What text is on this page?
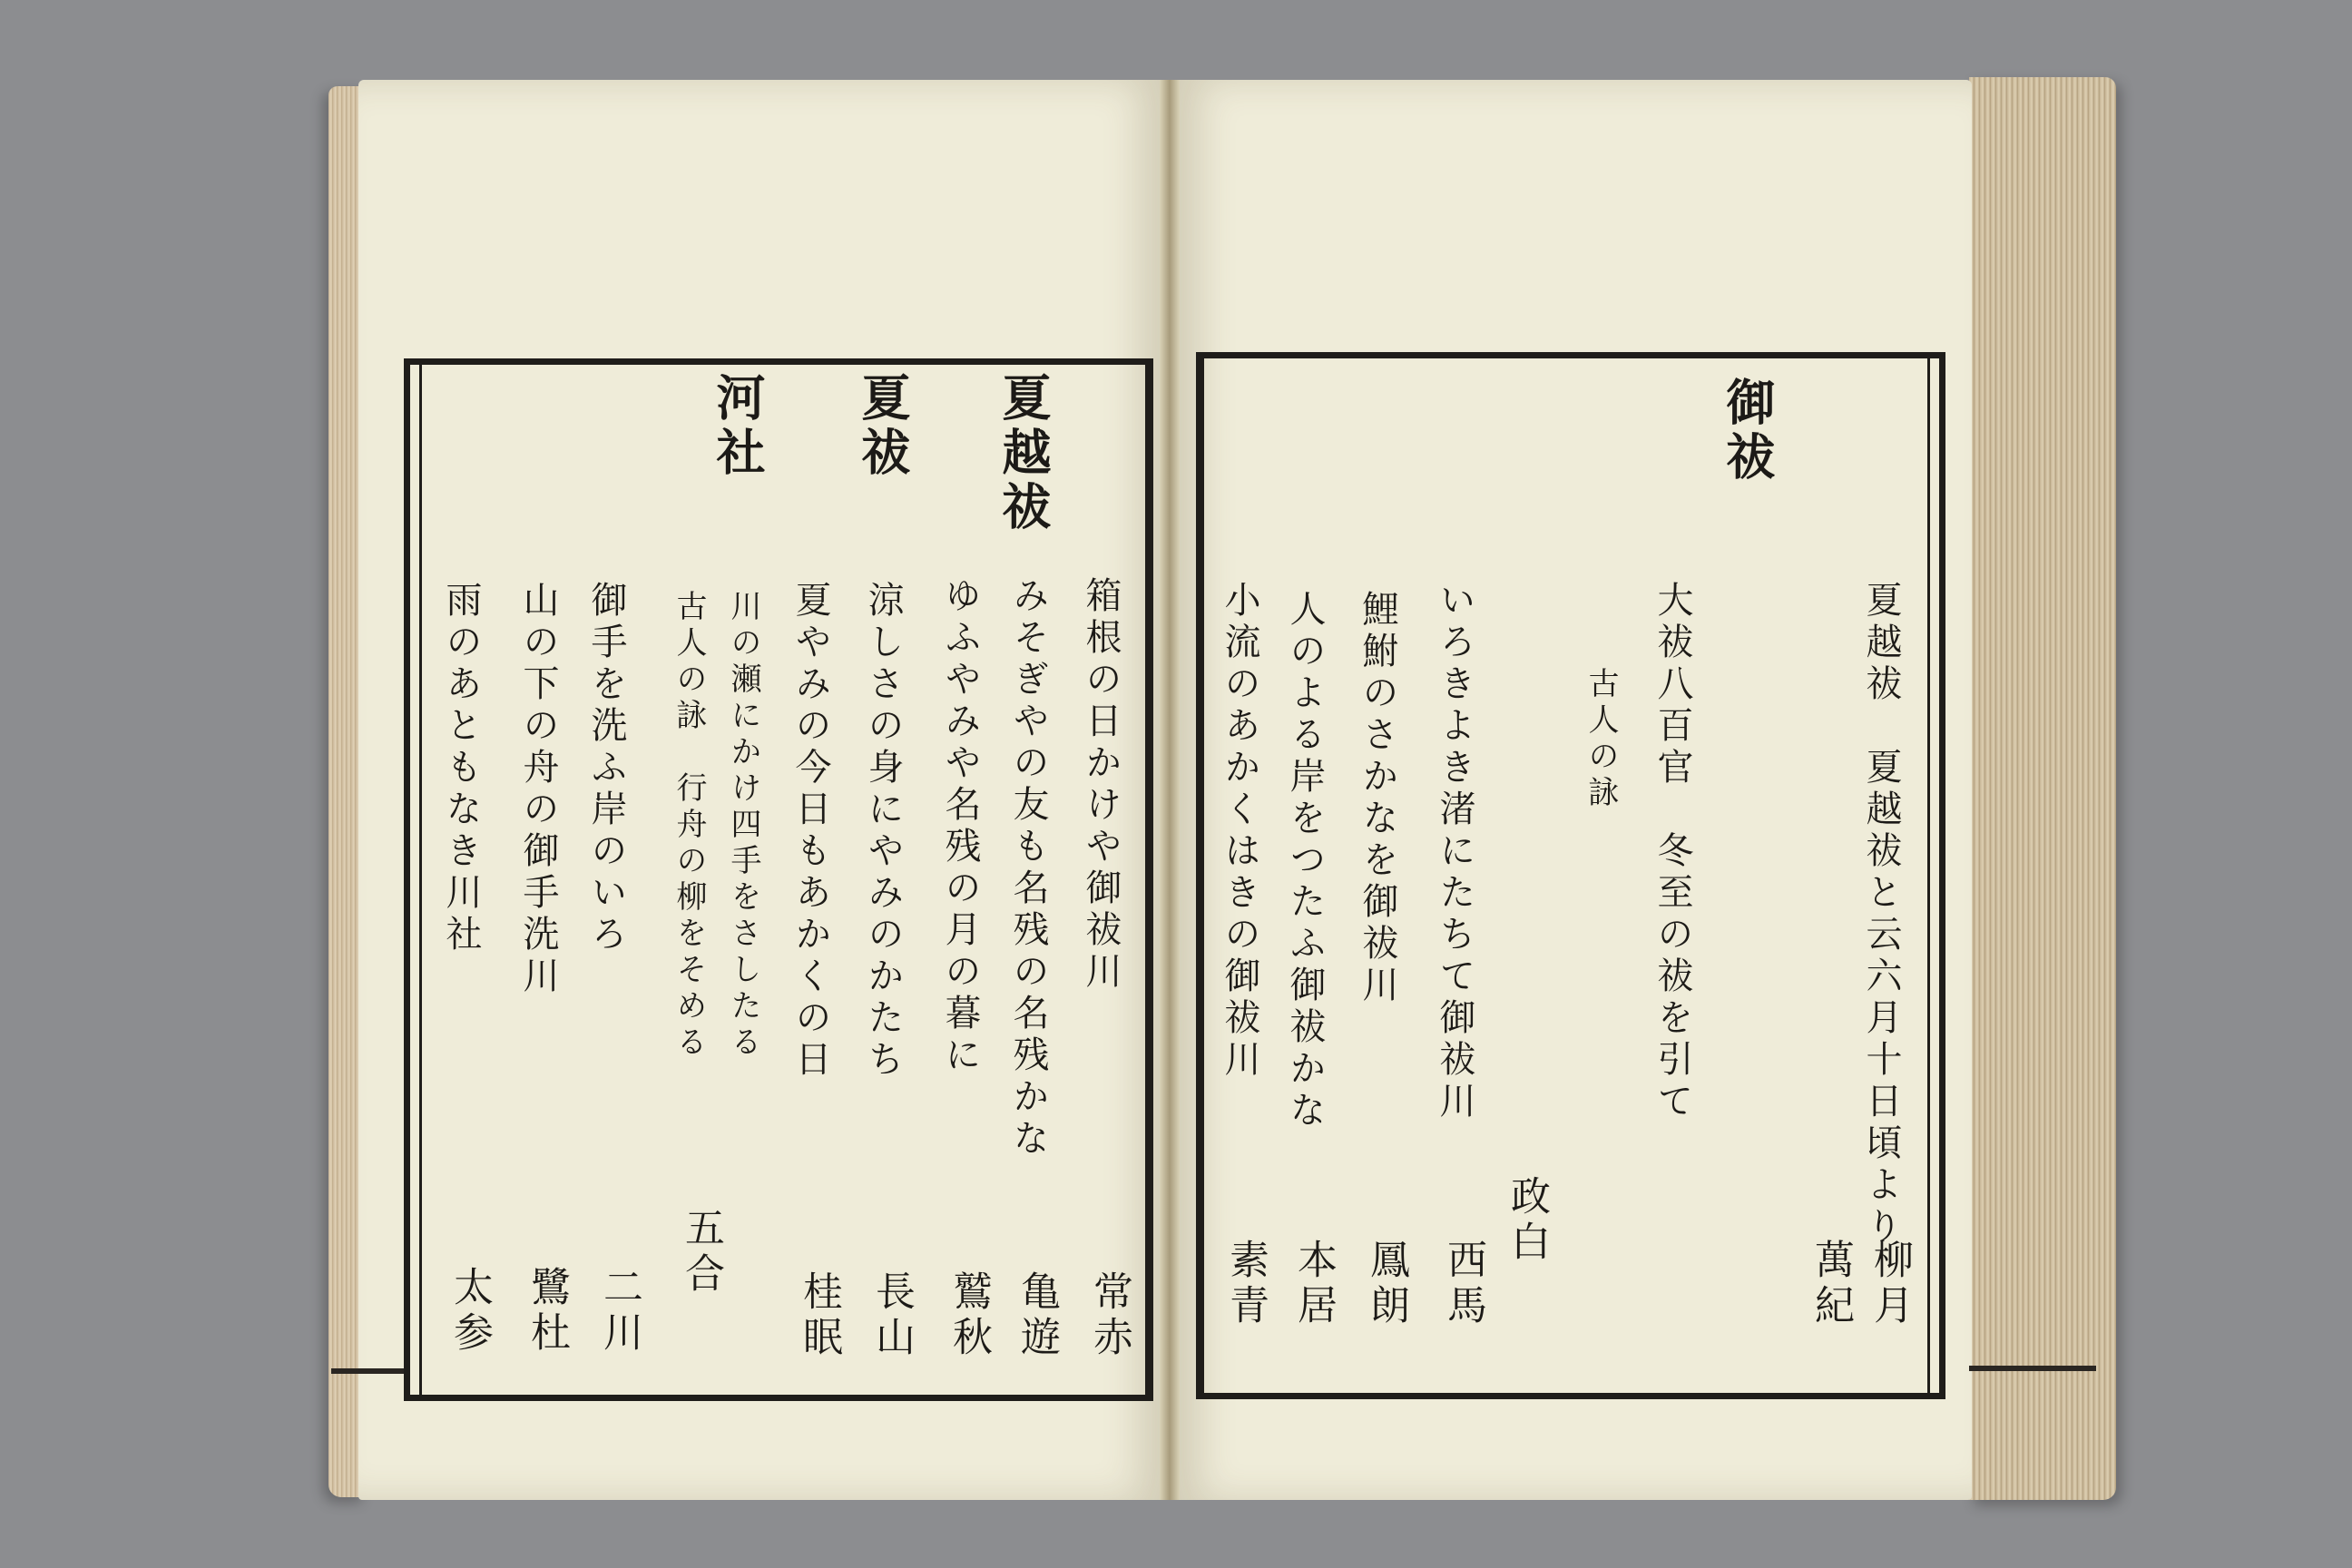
御祓
夏越祓　夏越祓と云六月十日頃より
柳月
大祓八百官　冬至の祓を引て
萬紀
古人の詠
政白
いろきよき渚にたちて御祓川
西馬
鯉鮒のさかなを御祓川
鳳朗
人のよる岸をつたふ御祓かな
本居
小流のあかくはきの御祓川
素青
夏越祓
夏祓
河社
箱根の日かけや御祓川
常赤
みそぎやの友も名残の名残かな
亀遊
ゆふやみや名残の月の暮に
鷲秋
涼しさの身にやみのかたち
長山
夏やみの今日もあかくの日
桂眠
川の瀬にかけ四手をさしたる
古人の詠　行舟の柳をそめる
五合
御手を洗ふ岸のいろ
二川
山の下の舟の御手洗川
鷺杜
雨のあともなき川社
太参
